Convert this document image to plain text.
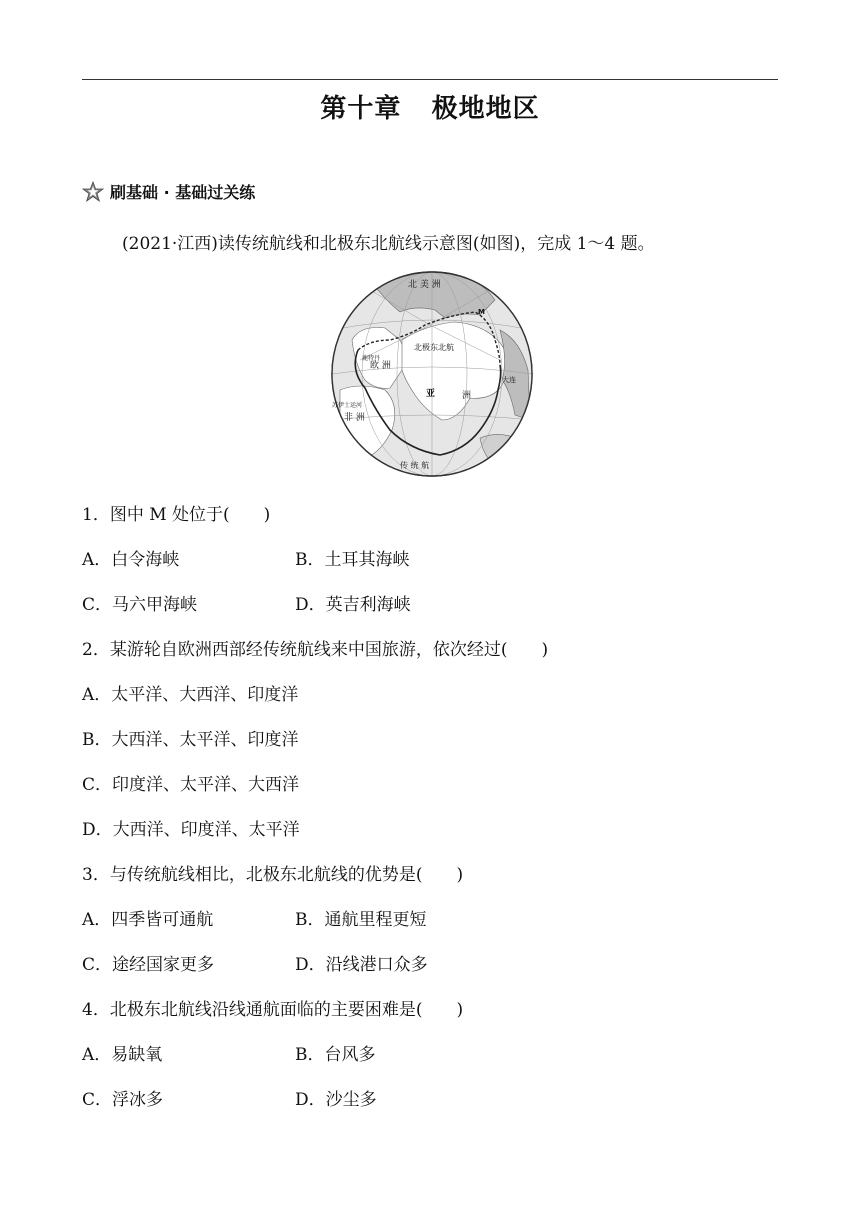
第十章   极地地区
刷基础 · 基础过关练
(2021·江西)读传统航线和北极东北航线示意图(如图)，完成 1～4 题。
北 美 洲
欧 洲
亚	洲
非 洲
鹿特丹
苏伊士运河
大连
北极东北航
传 统 航
M
1．图中 M 处位于(　　)
A．白令海峡	B．土耳其海峡
C．马六甲海峡	D．英吉利海峡
2．某游轮自欧洲西部经传统航线来中国旅游，依次经过(　　)
A．太平洋、大西洋、印度洋
B．大西洋、太平洋、印度洋
C．印度洋、太平洋、大西洋
D．大西洋、印度洋、太平洋
3．与传统航线相比，北极东北航线的优势是(　　)
A．四季皆可通航	B．通航里程更短
C．途经国家更多	D．沿线港口众多
4．北极东北航线沿线通航面临的主要困难是(　　)
A．易缺氧	B．台风多
C．浮冰多	D．沙尘多
